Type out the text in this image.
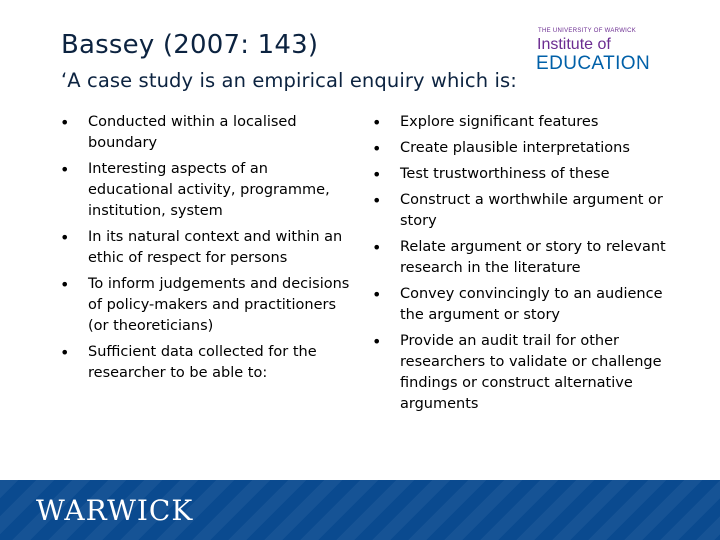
Bassey (2007: 143)
‘A case study is an empirical enquiry which is:
THE UNIVERSITY OF WARWICK
Institute of
EDUCATION
• Conducted within a localised boundary
• Interesting aspects of an educational activity, programme, institution, system
• In its natural context and within an ethic of respect for persons
• To inform judgements and decisions of policy-makers and practitioners (or theoreticians)
• Sufficient data collected for the researcher to be able to:
• Explore significant features
• Create plausible interpretations
• Test trustworthiness of these
• Construct a worthwhile argument or story
• Relate argument or story to relevant research in the literature
• Convey convincingly to an audience the argument or story
• Provide an audit trail for other researchers to validate or challenge findings or construct alternative arguments
WARWICK
